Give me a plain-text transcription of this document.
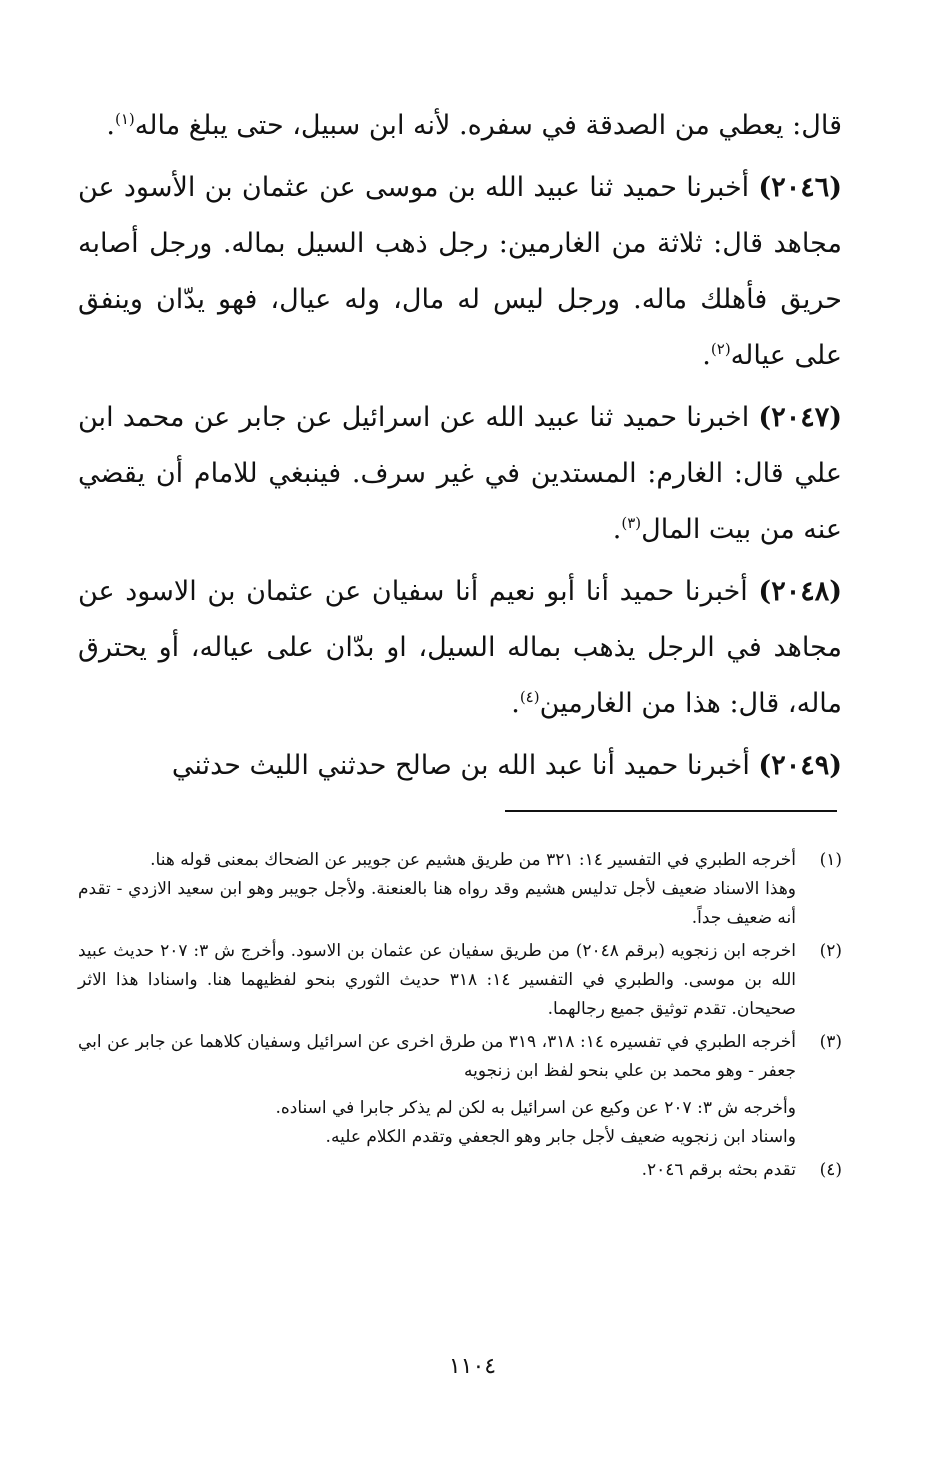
قال: يعطي من الصدقة في سفره. لأنه ابن سبيل، حتى يبلغ ماله$^{(١)}$.

(٢٠٤٦) أخبرنا حميد ثنا عبيد الله بن موسى عن عثمان بن الأسود عن مجاهد قال: ثلاثة من الغارمين: رجل ذهب السيل بماله. ورجل أصابه حريق فأهلك ماله. ورجل ليس له مال، وله عيال، فهو يدّان وينفق على عياله$^{(٢)}$.

(٢٠٤٧) اخبرنا حميد ثنا عبيد الله عن اسرائيل عن جابر عن محمد ابن علي قال: الغارم: المستدين في غير سرف. فينبغي للامام أن يقضي عنه من بيت المال$^{(٣)}$.

(٢٠٤٨) أخبرنا حميد أنا أبو نعيم أنا سفيان عن عثمان بن الاسود عن مجاهد في الرجل يذهب بماله السيل، او بدّان على عياله، أو يحترق ماله، قال: هذا من الغارمين$^{(٤)}$.

(٢٠٤٩) أخبرنا حميد أنا عبد الله بن صالح حدثني الليث حدثني

(١)
أخرجه الطبري في التفسير ١٤: ٣٢١ من طريق هشيم عن جويبر عن الضحاك بمعنى قوله هنا.
وهذا الاسناد ضعيف لأجل تدليس هشيم وقد رواه هنا بالعنعنة. ولأجل جويبر وهو ابن سعيد الازدي - تقدم أنه ضعيف جداً.
(٢)
اخرجه ابن زنجويه (برقم ٢٠٤٨) من طريق سفيان عن عثمان بن الاسود. وأخرج ش ٣: ٢٠٧ حديث عبيد الله بن موسى. والطبري في التفسير ١٤: ٣١٨ حديث الثوري بنحو لفظيهما هنا. واسنادا هذا الاثر صحيحان. تقدم توثيق جميع رجالهما.
(٣)
أخرجه الطبري في تفسيره ١٤: ٣١٨، ٣١٩ من طرق اخرى عن اسرائيل وسفيان كلاهما عن جابر عن ابي جعفر - وهو محمد بن علي بنحو لفظ ابن زنجويه
وأخرجه ش ٣: ٢٠٧ عن وكيع عن اسرائيل به لكن لم يذكر جابرا في اسناده.
واسناد ابن زنجويه ضعيف لأجل جابر وهو الجعفي وتقدم الكلام عليه.
(٤)
تقدم بحثه برقم ٢٠٤٦.
١١٠٤
